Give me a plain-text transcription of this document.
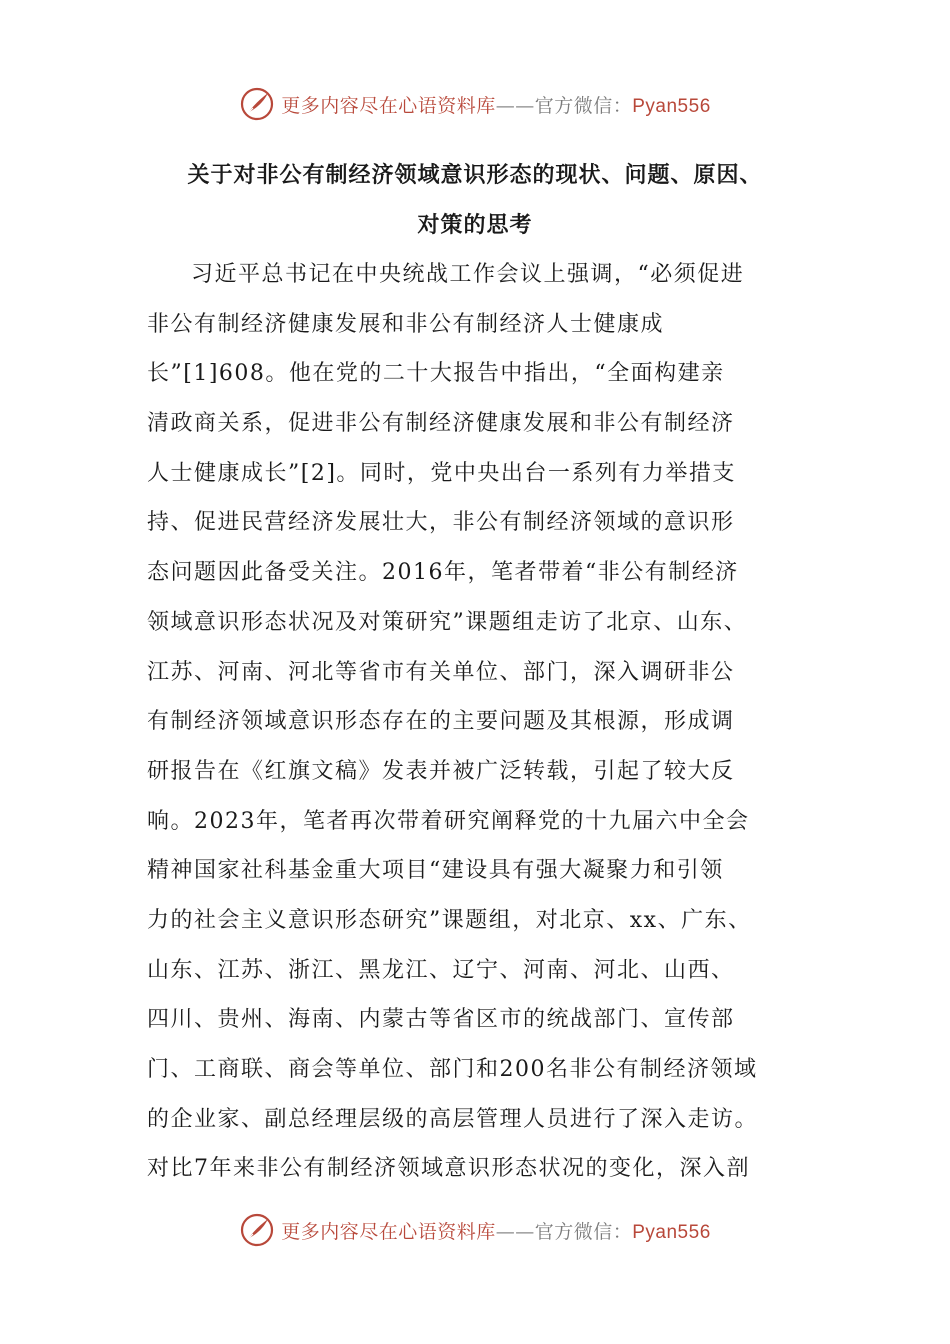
更多内容尽在心语资料库——官方微信：Pyan556
关于对非公有制经济领域意识形态的现状、问题、原因、
对策的思考
习近平总书记在中央统战工作会议上强调，“必须促进
非公有制经济健康发展和非公有制经济人士健康成
长”[1]608。他在党的二十大报告中指出，“全面构建亲
清政商关系，促进非公有制经济健康发展和非公有制经济
人士健康成长”[2]。同时，党中央出台一系列有力举措支
持、促进民营经济发展壮大，非公有制经济领域的意识形
态问题因此备受关注。2016年，笔者带着“非公有制经济
领域意识形态状况及对策研究”课题组走访了北京、山东、
江苏、河南、河北等省市有关单位、部门，深入调研非公
有制经济领域意识形态存在的主要问题及其根源，形成调
研报告在《红旗文稿》发表并被广泛转载，引起了较大反
响。2023年，笔者再次带着研究阐释党的十九届六中全会
精神国家社科基金重大项目“建设具有强大凝聚力和引领
力的社会主义意识形态研究”课题组，对北京、xx、广东、
山东、江苏、浙江、黑龙江、辽宁、河南、河北、山西、
四川、贵州、海南、内蒙古等省区市的统战部门、宣传部
门、工商联、商会等单位、部门和200名非公有制经济领域
的企业家、副总经理层级的高层管理人员进行了深入走访。
对比7年来非公有制经济领域意识形态状况的变化，深入剖
更多内容尽在心语资料库——官方微信：Pyan556
